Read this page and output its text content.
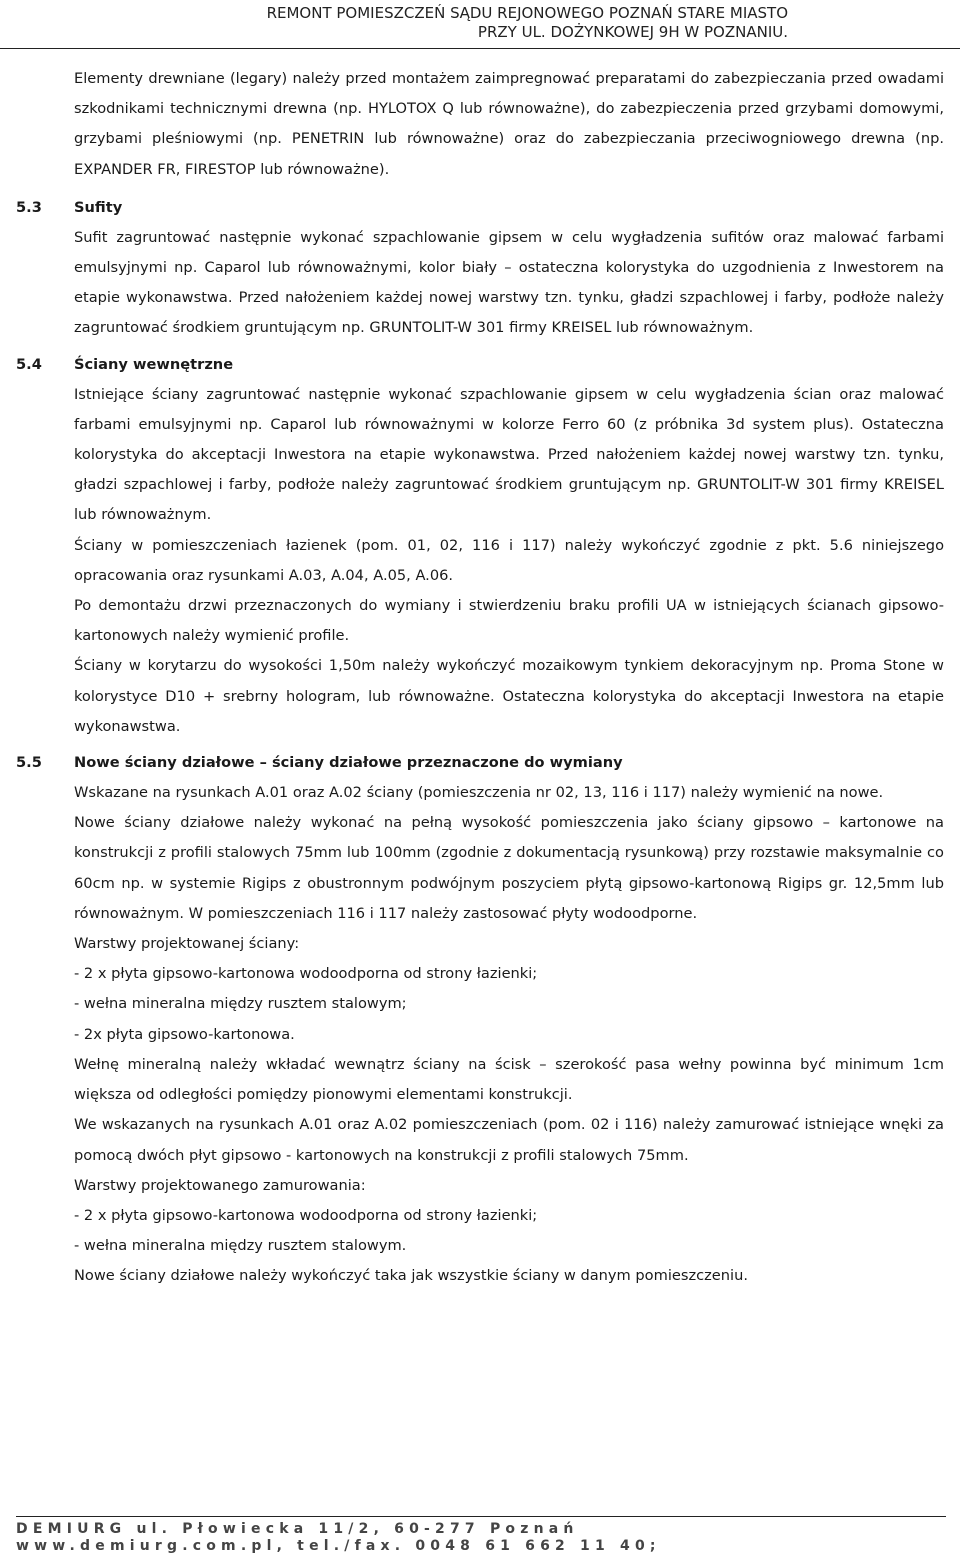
REMONT POMIESZCZEŃ SĄDU REJONOWEGO POZNAŃ STARE MIASTO
PRZY UL. DOŻYNKOWEJ 9H W POZNANIU.

Elementy drewniane (legary) należy przed montażem zaimpregnować preparatami do zabezpieczania przed owadami szkodnikami technicznymi drewna (np. HYLOTOX Q lub równoważne), do zabezpieczenia przed grzybami domowymi, grzybami pleśniowymi (np. PENETRIN lub równoważne) oraz do zabezpieczania przeciwogniowego drewna (np. EXPANDER FR, FIRESTOP lub równoważne).

5.3 Sufity

Sufit zagruntować następnie wykonać szpachlowanie gipsem w celu wygładzenia sufitów oraz malować farbami emulsyjnymi np. Caparol lub równoważnymi, kolor biały – ostateczna kolorystyka do uzgodnienia z Inwestorem na etapie wykonawstwa. Przed nałożeniem każdej nowej warstwy tzn. tynku, gładzi szpachlowej i farby, podłoże należy zagruntować środkiem gruntującym np. GRUNTOLIT-W 301 firmy KREISEL lub równoważnym.

5.4 Ściany wewnętrzne

Istniejące ściany zagruntować następnie wykonać szpachlowanie gipsem w celu wygładzenia ścian oraz malować farbami emulsyjnymi np. Caparol lub równoważnymi w kolorze Ferro 60 (z próbnika 3d system plus). Ostateczna kolorystyka do akceptacji Inwestora na etapie wykonawstwa. Przed nałożeniem każdej nowej warstwy tzn. tynku, gładzi szpachlowej i farby, podłoże należy zagruntować środkiem gruntującym np. GRUNTOLIT-W 301 firmy KREISEL lub równoważnym.

Ściany w pomieszczeniach łazienek (pom. 01, 02, 116 i 117) należy wykończyć zgodnie z pkt. 5.6 niniejszego opracowania oraz rysunkami A.03, A.04, A.05, A.06.

Po demontażu drzwi przeznaczonych do wymiany i stwierdzeniu braku profili UA w istniejących ścianach gipsowo-kartonowych należy wymienić profile.

Ściany w korytarzu do wysokości 1,50m należy wykończyć mozaikowym tynkiem dekoracyjnym np. Proma Stone w kolorystyce D10 + srebrny hologram, lub równoważne. Ostateczna kolorystyka do akceptacji Inwestora na etapie wykonawstwa.

5.5 Nowe ściany działowe – ściany działowe przeznaczone do wymiany

Wskazane na rysunkach A.01 oraz A.02 ściany (pomieszczenia nr 02, 13, 116 i 117) należy wymienić na nowe.

Nowe ściany działowe należy wykonać na pełną wysokość pomieszczenia jako ściany gipsowo – kartonowe na konstrukcji z profili stalowych 75mm lub 100mm (zgodnie z dokumentacją rysunkową) przy rozstawie maksymalnie co 60cm np. w systemie Rigips z obustronnym podwójnym poszyciem płytą gipsowo-kartonową Rigips gr. 12,5mm lub równoważnym. W pomieszczeniach 116 i 117 należy zastosować płyty wodoodporne.

Warstwy projektowanej ściany:

- 2 x płyta gipsowo-kartonowa wodoodporna od strony łazienki;

- wełna mineralna między rusztem stalowym;

- 2x płyta gipsowo-kartonowa.

Wełnę mineralną należy wkładać wewnątrz ściany na ścisk – szerokość pasa wełny powinna być minimum 1cm większa od odległości pomiędzy pionowymi elementami konstrukcji.

We wskazanych na rysunkach A.01 oraz A.02 pomieszczeniach (pom. 02 i 116) należy zamurować istniejące wnęki za pomocą dwóch płyt gipsowo - kartonowych na konstrukcji z profili stalowych 75mm.

Warstwy projektowanego zamurowania:

- 2 x płyta gipsowo-kartonowa wodoodporna od strony łazienki;

- wełna mineralna między rusztem stalowym.

Nowe ściany działowe należy wykończyć taka jak wszystkie ściany w danym pomieszczeniu.

DEMIURG ul. Płowiecka 11/2, 60-277 Poznań
www.demiurg.com.pl, tel./fax. 0048 61 662 11 40;
